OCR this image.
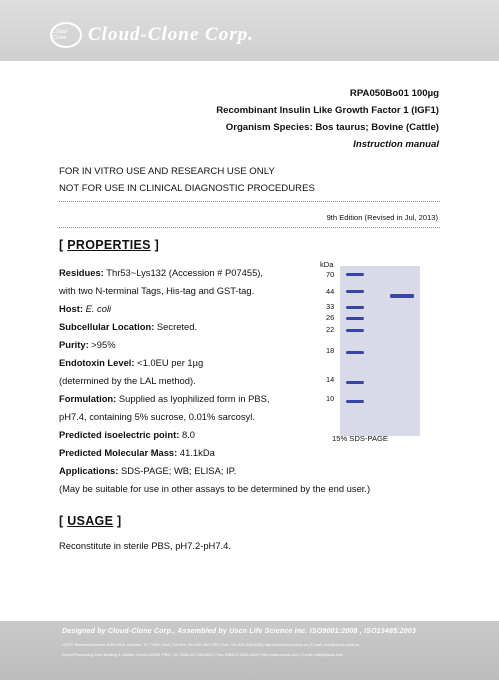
Cloud-Clone	Cloud-Clone Corp.
RPA050Bo01 100µg
Recombinant Insulin Like Growth Factor 1 (IGF1)
Organism Species: Bos taurus; Bovine (Cattle)
Instruction manual
FOR IN VITRO USE AND RESEARCH USE ONLY
NOT FOR USE IN CLINICAL DIAGNOSTIC PROCEDURES
9th Edition (Revised in Jul, 2013)
[ PROPERTIES ]
Residues: Thr53~Lys132 (Accession # P07455),
with two N-terminal Tags, His-tag and GST-tag.
Host: E. coli
Subcellular Location: Secreted.
Purity: >95%
Endotoxin Level: <1.0EU per 1µg
(determined by the LAL method).
Formulation: Supplied as lyophilized form in PBS,
pH7.4, containing 5% sucrose, 0.01% sarcosyl.
Predicted isoelectric point: 8.0
Predicted Molecular Mass: 41.1kDa
Applications: SDS-PAGE; WB; ELISA; IP.
(May be suitable for use in other assays to be determined by the end user.)
kDa
70
44
33
26
22
18
14
10
15% SDS-PAGE
[ USAGE ]
Reconstitute in sterile PBS, pH7.2-pH7.4.
Designed by Cloud-Clone Corp., Assembled by Uscn Life Science Inc. ISO9001:2008 , ISO13485:2003
HQTR: Richmond Avenue Suite 8916, Houston, TX 77082, USA | Toll free: 001-800-962-7492 | Fax: 001-832-538-0088 | http://www.cloud-clone.us | E-mail: mail@cloud-clone.us
Export Processing Zone Building 9, Wuhan, Hubei 430056, PRC | Tel: 0086-027-869-6647 | Fax: 0086-27-8425-4005 | http://www.uscnk.com | E-mail: mail@uscnk.com
